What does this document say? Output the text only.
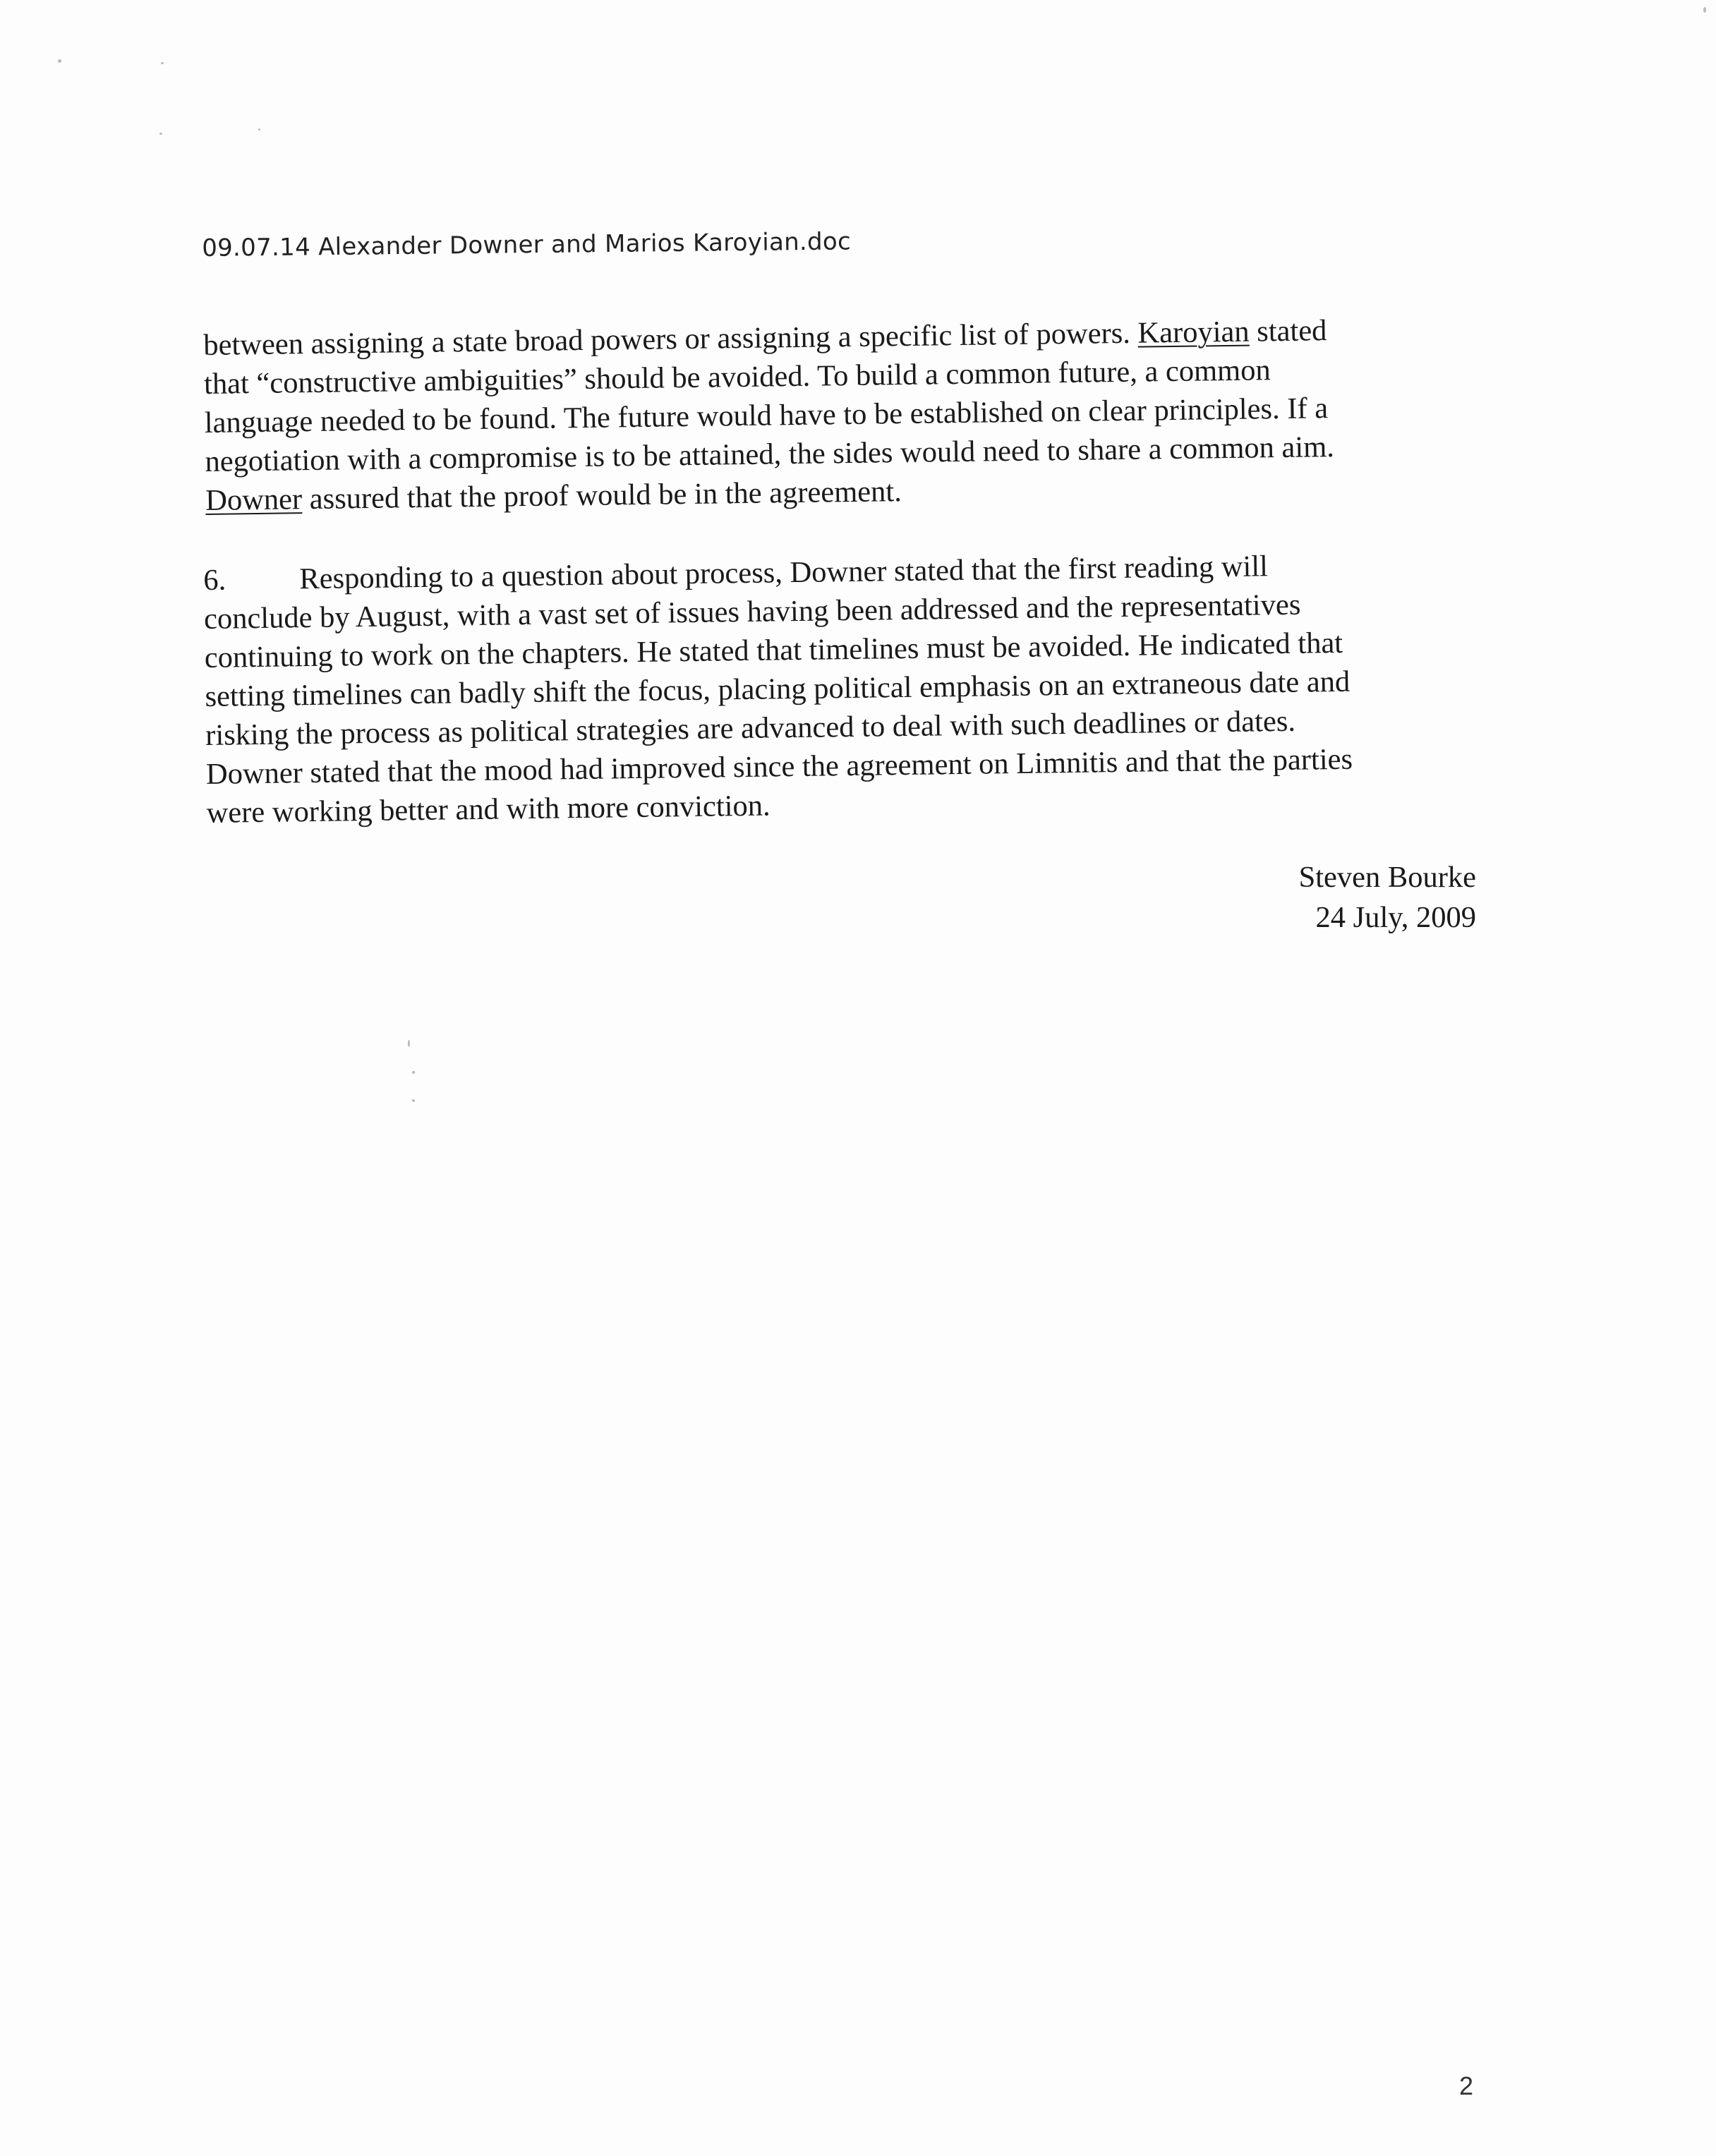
09.07.14 Alexander Downer and Marios Karoyian.doc
between assigning a state broad powers or assigning a specific list of powers. Karoyian stated
that “constructive ambiguities” should be avoided. To build a common future, a common
language needed to be found. The future would have to be established on clear principles. If a
negotiation with a compromise is to be attained, the sides would need to share a common aim.
Downer assured that the proof would be in the agreement.
6. Responding to a question about process, Downer stated that the first reading will
conclude by August, with a vast set of issues having been addressed and the representatives
continuing to work on the chapters. He stated that timelines must be avoided. He indicated that
setting timelines can badly shift the focus, placing political emphasis on an extraneous date and
risking the process as political strategies are advanced to deal with such deadlines or dates.
Downer stated that the mood had improved since the agreement on Limnitis and that the parties
were working better and with more conviction.
Steven Bourke
24 July, 2009
2
